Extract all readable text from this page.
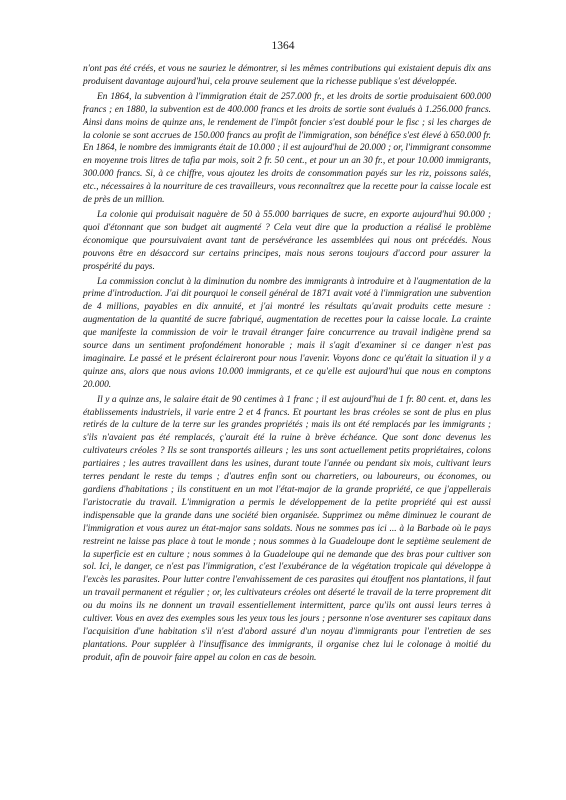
1364

n'ont pas été créés, et vous ne sauriez le démontrer, si les mêmes contributions qui existaient depuis dix ans produisent davantage aujourd'hui, cela prouve seulement que la richesse publique s'est développée.

En 1864, la subvention à l'immigration était de 257.000 fr., et les droits de sortie produisaient 600.000 francs ; en 1880, la subvention est de 400.000 francs et les droits de sortie sont évalués à 1.256.000 francs. Ainsi dans moins de quinze ans, le rendement de l'impôt foncier s'est doublé pour le fisc ; si les charges de la colonie se sont accrues de 150.000 francs au profit de l'immigration, son bénéfice s'est élevé à 650.000 fr. En 1864, le nombre des immigrants était de 10.000 ; il est aujourd'hui de 20.000 ; or, l'immigrant consomme en moyenne trois litres de tafia par mois, soit 2 fr. 50 cent., et pour un an 30 fr., et pour 10.000 immigrants, 300.000 francs. Si, à ce chiffre, vous ajoutez les droits de consommation payés sur les riz, poissons salés, etc., nécessaires à la nourriture de ces travailleurs, vous reconnaîtrez que la recette pour la caisse locale est de près de un million.

La colonie qui produisait naguère de 50 à 55.000 barriques de sucre, en exporte aujourd'hui 90.000 ; quoi d'étonnant que son budget ait augmenté ? Cela veut dire que la production a réalisé le problème économique que poursuivaient avant tant de persévérance les assemblées qui nous ont précédés. Nous pouvons être en désaccord sur certains principes, mais nous serons toujours d'accord pour assurer la prospérité du pays.

La commission conclut à la diminution du nombre des immigrants à introduire et à l'augmentation de la prime d'introduction. J'ai dit pourquoi le conseil général de 1871 avait voté à l'immigration une subvention de 4 millions, payables en dix annuité, et j'ai montré les résultats qu'avait produits cette mesure : augmentation de la quantité de sucre fabriqué, augmentation de recettes pour la caisse locale. La crainte que manifeste la commission de voir le travail étranger faire concurrence au travail indigène prend sa source dans un sentiment profondément honorable ; mais il s'agit d'examiner si ce danger n'est pas imaginaire. Le passé et le présent éclaireront pour nous l'avenir. Voyons donc ce qu'était la situation il y a quinze ans, alors que nous avions 10.000 immigrants, et ce qu'elle est aujourd'hui que nous en comptons 20.000.

Il y a quinze ans, le salaire était de 90 centimes à 1 franc ; il est aujourd'hui de 1 fr. 80 cent. et, dans les établissements industriels, il varie entre 2 et 4 francs. Et pourtant les bras créoles se sont de plus en plus retirés de la culture de la terre sur les grandes propriétés ; mais ils ont été remplacés par les immigrants ; s'ils n'avaient pas été remplacés, ç'aurait été la ruine à brève échéance. Que sont donc devenus les cultivateurs créoles ? Ils se sont transportés ailleurs ; les uns sont actuellement petits propriétaires, colons partiaires ; les autres travaillent dans les usines, durant toute l'année ou pendant six mois, cultivant leurs terres pendant le reste du temps ; d'autres enfin sont ou charretiers, ou laboureurs, ou économes, ou gardiens d'habitations ; ils constituent en un mot l'état-major de la grande propriété, ce que j'appellerais l'aristocratie du travail. L'immigration a permis le développement de la petite propriété qui est aussi indispensable que la grande dans une société bien organisée. Supprimez ou même diminuez le courant de l'immigration et vous aurez un état-major sans soldats. Nous ne sommes pas ici ... à la Barbade où le pays restreint ne laisse pas place à tout le monde ; nous sommes à la Guadeloupe dont le septième seulement de la superficie est en culture ; nous sommes à la Guadeloupe qui ne demande que des bras pour cultiver son sol. Ici, le danger, ce n'est pas l'immigration, c'est l'exubérance de la végétation tropicale qui développe à l'excès les parasites. Pour lutter contre l'envahissement de ces parasites qui étouffent nos plantations, il faut un travail permanent et régulier ; or, les cultivateurs créoles ont déserté le travail de la terre proprement dit ou du moins ils ne donnent un travail essentiellement intermittent, parce qu'ils ont aussi leurs terres à cultiver. Vous en avez des exemples sous les yeux tous les jours ; personne n'ose aventurer ses capitaux dans l'acquisition d'une habitation s'il n'est d'abord assuré d'un noyau d'immigrants pour l'entretien de ses plantations. Pour suppléer à l'insuffisance des immigrants, il organise chez lui le colonage à moitié du produit, afin de pouvoir faire appel au colon en cas de besoin.
